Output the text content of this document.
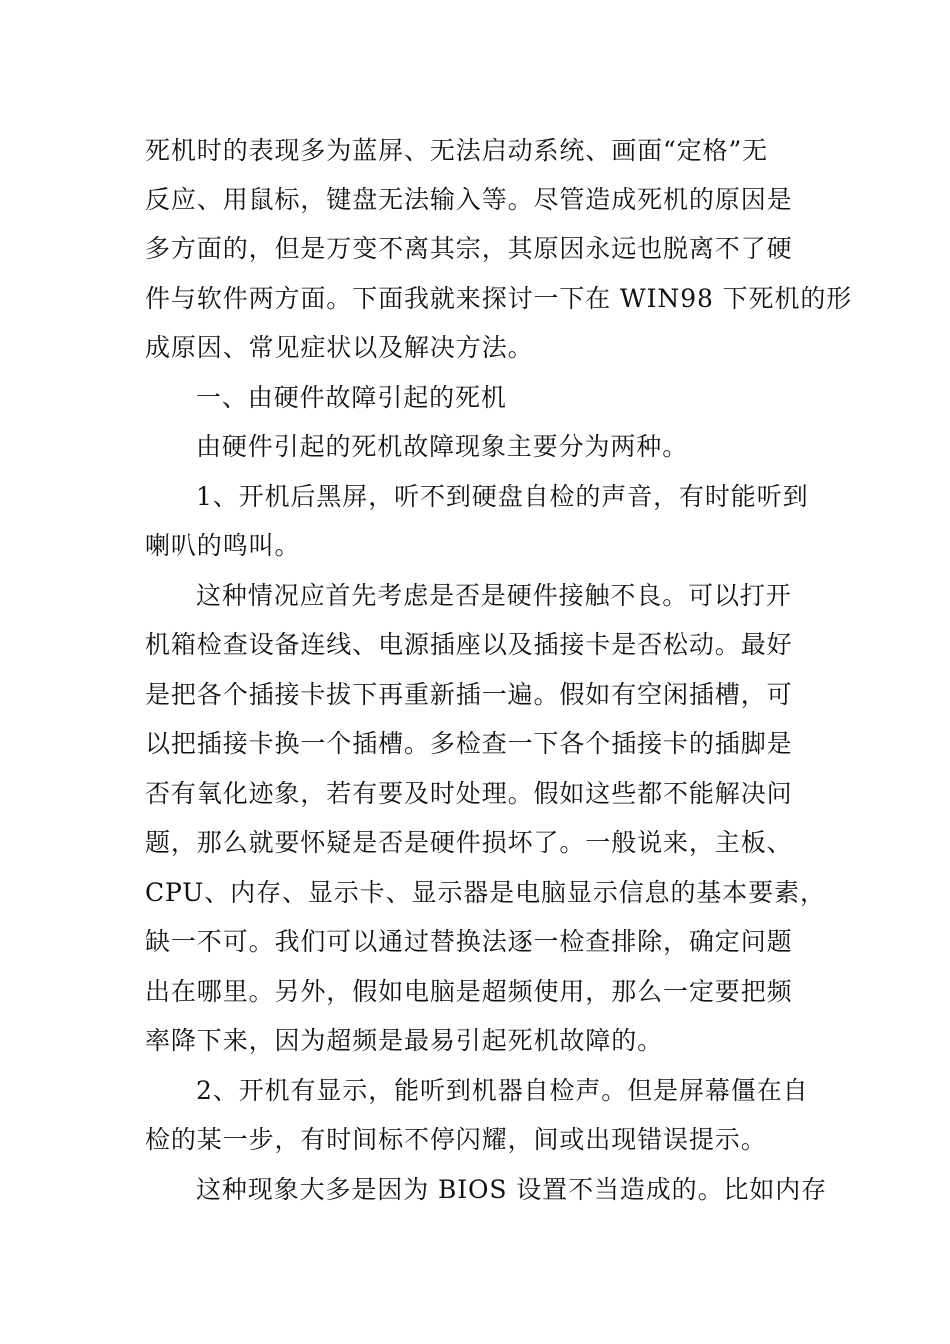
死机时的表现多为蓝屏、无法启动系统、画面“定格”无
反应、用鼠标，键盘无法输入等。尽管造成死机的原因是
多方面的，但是万变不离其宗，其原因永远也脱离不了硬
件与软件两方面。下面我就来探讨一下在 WIN98 下死机的形
成原因、常见症状以及解决方法。
一、由硬件故障引起的死机
由硬件引起的死机故障现象主要分为两种。
1、开机后黑屏，听不到硬盘自检的声音，有时能听到
喇叭的鸣叫。
这种情况应首先考虑是否是硬件接触不良。可以打开
机箱检查设备连线、电源插座以及插接卡是否松动。最好
是把各个插接卡拔下再重新插一遍。假如有空闲插槽，可
以把插接卡换一个插槽。多检查一下各个插接卡的插脚是
否有氧化迹象，若有要及时处理。假如这些都不能解决问
题，那么就要怀疑是否是硬件损坏了。一般说来，主板、
CPU、内存、显示卡、显示器是电脑显示信息的基本要素，
缺一不可。我们可以通过替换法逐一检查排除，确定问题
出在哪里。另外，假如电脑是超频使用，那么一定要把频
率降下来，因为超频是最易引起死机故障的。
2、开机有显示，能听到机器自检声。但是屏幕僵在自
检的某一步，有时间标不停闪耀，间或出现错误提示。
这种现象大多是因为 BIOS 设置不当造成的。比如内存
